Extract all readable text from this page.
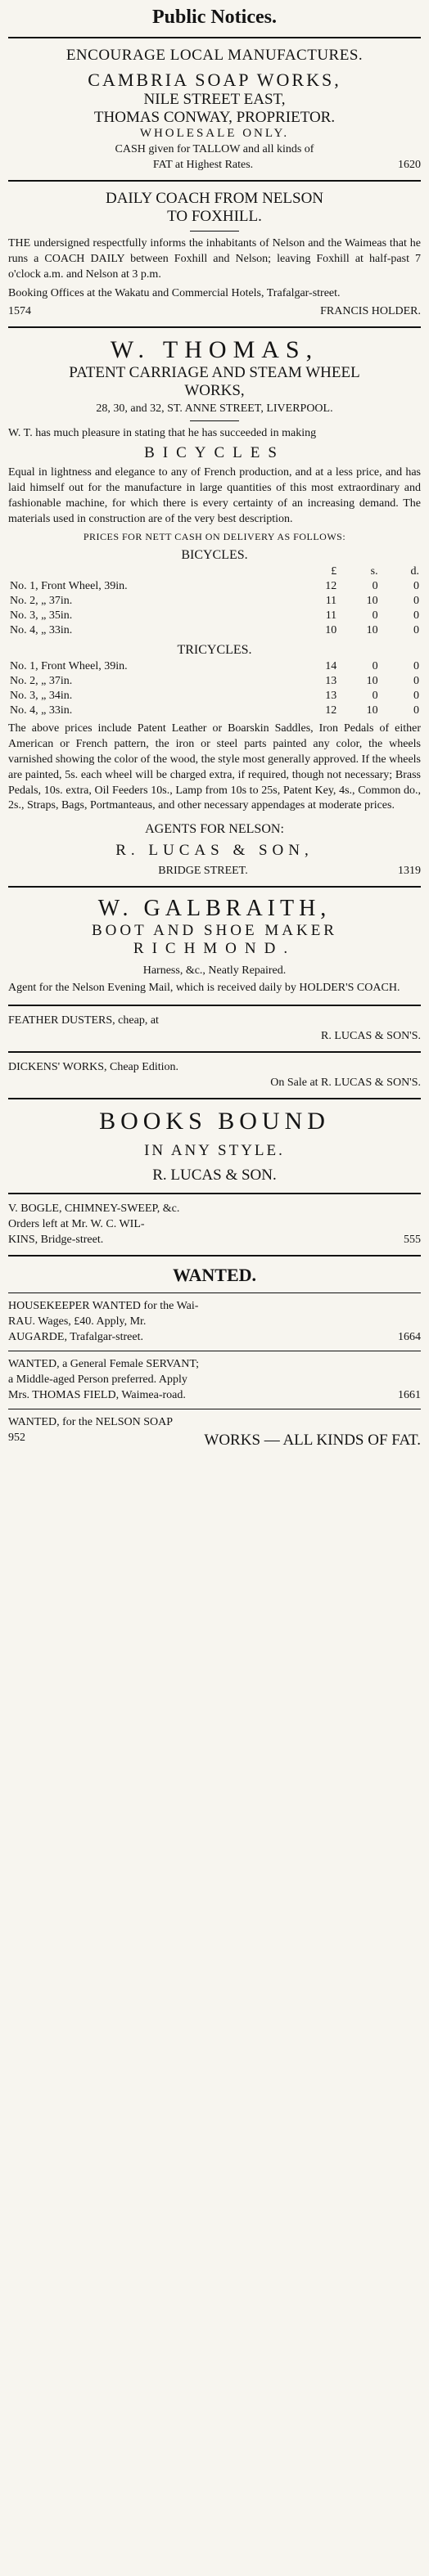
Public Notices.
ENCOURAGE LOCAL MANUFACTURES.
CAMBRIA SOAP WORKS,
NILE STREET EAST,
THOMAS CONWAY, PROPRIETOR.
WHOLESALE ONLY.
CASH given for TALLOW and all kinds of
FAT at Highest Rates.	1620
DAILY COACH FROM NELSON
TO FOXHILL.

THE undersigned respectfully informs the inhabitants of Nelson and the Waimeas that he runs a COACH DAILY between Foxhill and Nelson; leaving Foxhill at half-past 7 o'clock a.m. and Nelson at 3 p.m.

Booking Offices at the Wakatu and Commercial Hotels, Trafalgar-street.

1574	FRANCIS HOLDER.
W. THOMAS,
PATENT CARRIAGE AND STEAM WHEEL
WORKS,
28, 30, and 32, ST. ANNE STREET, LIVERPOOL.

W. T. has much pleasure in stating that he has succeeded in making

BICYCLES

Equal in lightness and elegance to any of French production, and at a less price, and has laid himself out for the manufacture in large quantities of this most extraordinary and fashionable machine, for which there is every certainty of an increasing demand. The materials used in construction are of the very best description.

PRICES FOR NETT CASH ON DELIVERY AS FOLLOWS:
BICYCLES.
	£	s.	d.
No. 1, Front Wheel, 39in.	12	0	0
No. 2, „ 37in.	11	10	0
No. 3, „ 35in.	11	0	0
No. 4, „ 33in.	10	10	0
TRICYCLES.
No. 1, Front Wheel, 39in.	14	0	0
No. 2, „ 37in.	13	10	0
No. 3, „ 34in.	13	0	0
No. 4, „ 33in.	12	10	0

The above prices include Patent Leather or Boarskin Saddles, Iron Pedals of either American or French pattern, the iron or steel parts painted any color, the wheels varnished showing the color of the wood, the style most generally approved. If the wheels are painted, 5s. each wheel will be charged extra, if required, though not necessary; Brass Pedals, 10s. extra, Oil Feeders 10s., Lamp from 10s to 25s, Patent Key, 4s., Common do., 2s., Straps, Bags, Portmanteaus, and other necessary appendages at moderate prices.

AGENTS FOR NELSON:
R. LUCAS & SON,
BRIDGE STREET.	1319
W. GALBRAITH,
BOOT AND SHOE MAKER
RICHMOND.
Harness, &c., Neatly Repaired.

Agent for the Nelson Evening Mail, which is received daily by HOLDER'S COACH.

FEATHER DUSTERS, cheap, at
R. LUCAS & SON'S.
DICKENS' WORKS, Cheap Edition.
On Sale at R. LUCAS & SON'S.
BOOKS BOUND
IN ANY STYLE.
R. LUCAS & SON.
V. BOGLE, CHIMNEY-SWEEP, &c.
Orders left at Mr. W. C. WIL-
KINS, Bridge-street.	555
WANTED.
HOUSEKEEPER WANTED for the Wai-
RAU. Wages, £40. Apply, Mr.
AUGARDE, Trafalgar-street.	1664
WANTED, a General Female SERVANT;
a Middle-aged Person preferred. Apply
Mrs. THOMAS FIELD, Waimea-road.	1661
WANTED, for the NELSON SOAP
952	WORKS — ALL KINDS OF FAT.
